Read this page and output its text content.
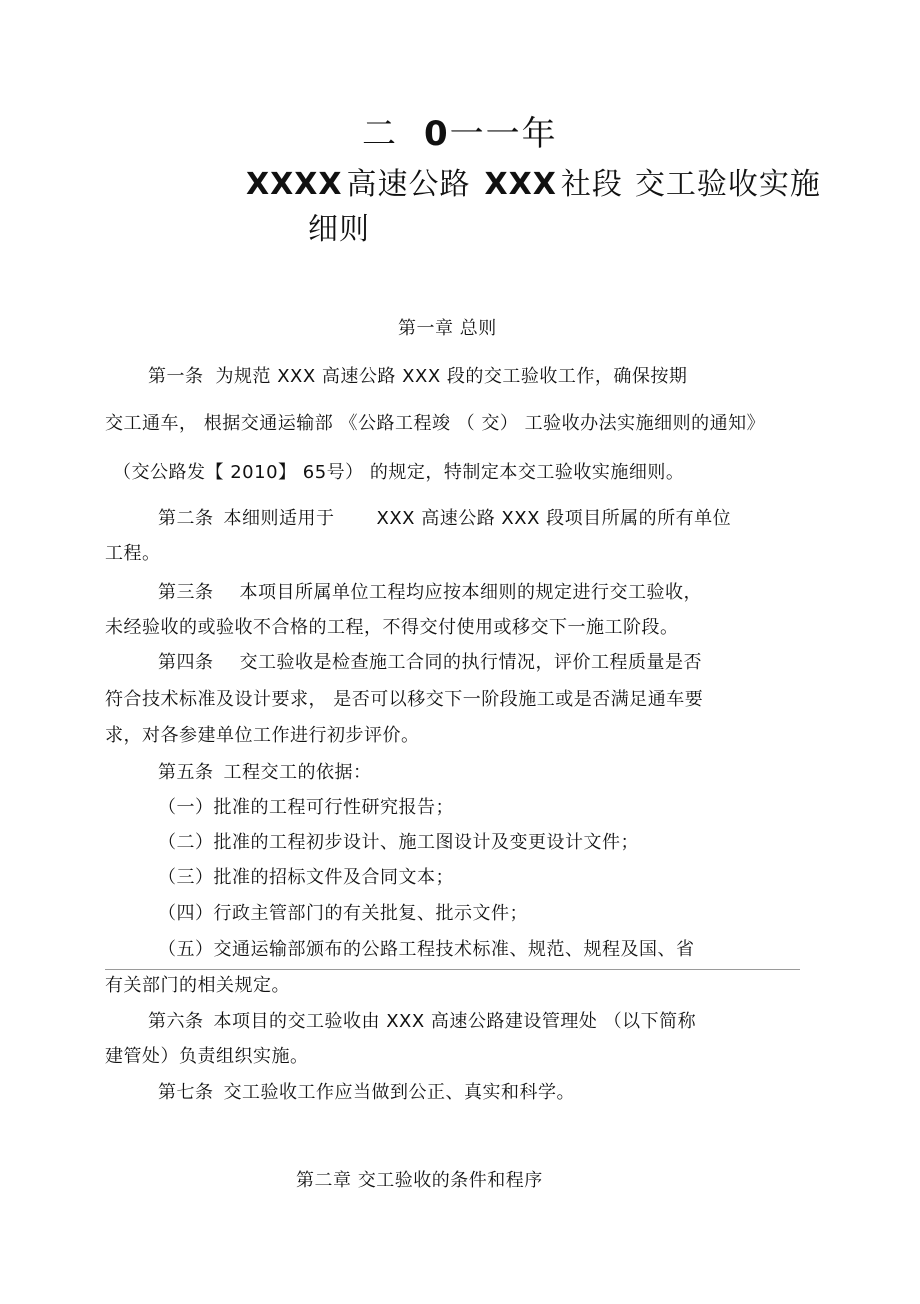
二 0一一年
XXXX 高速公路 XXX 社段 交工验收实施
细则
第一章 总则
第一条 为规范 XXX 高速公路 XXX 段的交工验收工作，确保按期
交工通车， 根据交通运输部 《公路工程竣 （ 交） 工验收办法实施细则的通知》
（交公路发【 2010】 65号） 的规定，特制定本交工验收实施细则。
第二条 本细则适用于 XXX 高速公路 XXX 段项目所属的所有单位
工程。
第三条 本项目所属单位工程均应按本细则的规定进行交工验收，
未经验收的或验收不合格的工程，不得交付使用或移交下一施工阶段。
第四条 交工验收是检查施工合同的执行情况，评价工程质量是否
符合技术标准及设计要求， 是否可以移交下一阶段施工或是否满足通车要
求，对各参建单位工作进行初步评价。
第五条 工程交工的依据：
（一）批准的工程可行性研究报告；
（二）批准的工程初步设计、施工图设计及变更设计文件；
（三）批准的招标文件及合同文本；
（四）行政主管部门的有关批复、批示文件；
（五）交通运输部颁布的公路工程技术标准、规范、规程及国、省
有关部门的相关规定。
第六条 本项目的交工验收由 XXX 高速公路建设管理处 （以下简称
建管处）负责组织实施。
第七条 交工验收工作应当做到公正、真实和科学。
第二章 交工验收的条件和程序
